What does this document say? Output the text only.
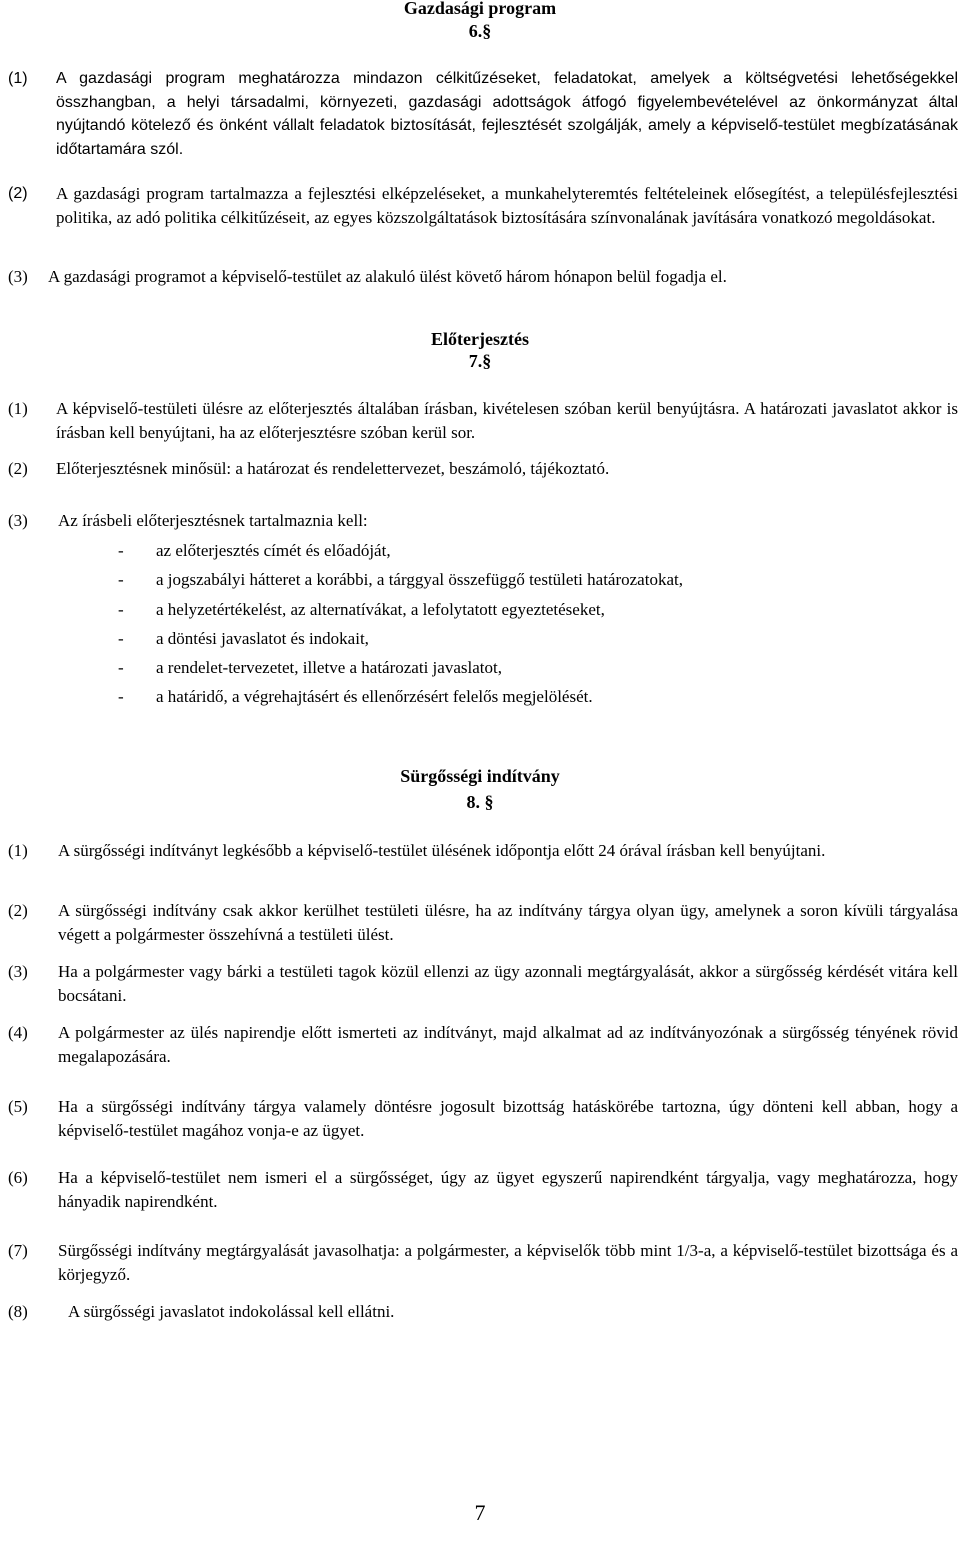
Gazdasági program
6.§
(1)	A gazdasági program meghatározza mindazon célkitűzéseket, feladatokat, amelyek a költségvetési lehetőségekkel összhangban, a helyi társadalmi, környezeti, gazdasági adottságok átfogó figyelembevételével az önkormányzat által nyújtandó kötelező és önként vállalt feladatok biztosítását, fejlesztését szolgálják, amely a képviselő-testület megbízatásának időtartamára szól.
(2)	A gazdasági program tartalmazza a fejlesztési elképzeléseket, a munkahelyteremtés feltételeinek elősegítést, a településfejlesztési politika, az adó politika célkitűzéseit, az egyes közszolgáltatások biztosítására színvonalának javítására vonatkozó megoldásokat.
(3)	A gazdasági programot a képviselő-testület az alakuló ülést követő három hónapon belül fogadja el.
Előterjesztés
7.§
(1)	A képviselő-testületi ülésre az előterjesztés általában írásban, kivételesen szóban kerül benyújtásra. A határozati javaslatot akkor is írásban kell benyújtani, ha az előterjesztésre szóban kerül sor.
(2)	Előterjesztésnek minősül: a határozat és rendelettervezet, beszámoló, tájékoztató.
(3)	Az írásbeli előterjesztésnek tartalmaznia kell:
- az előterjesztés címét és előadóját,
- a jogszabályi hátteret a korábbi, a tárggyal összefüggő testületi határozatokat,
- a helyzetértékelést, az alternatívákat, a lefolytatott egyeztetéseket,
- a döntési javaslatot és indokait,
- a rendelet-tervezetet, illetve a határozati javaslatot,
- a határidő, a végrehajtásért és ellenőrzésért felelős megjelölését.
Sürgősségi indítvány
8. §
(1)	A sürgősségi indítványt legkésőbb a képviselő-testület ülésének időpontja előtt 24 órával írásban kell benyújtani.
(2)	A sürgősségi indítvány csak akkor kerülhet testületi ülésre, ha az indítvány tárgya olyan ügy, amelynek a soron kívüli tárgyalása végett a polgármester összehívná a testületi ülést.
(3)	Ha a polgármester vagy bárki a testületi tagok közül ellenzi az ügy azonnali megtárgyalását, akkor a sürgősség kérdését vitára kell bocsátani.
(4)	A polgármester az ülés napirendje előtt ismerteti az indítványt, majd alkalmat ad az indítványozónak a sürgősség tényének rövid megalapozására.
(5)	Ha a sürgősségi indítvány tárgya valamely döntésre jogosult bizottság hatáskörébe tartozna, úgy dönteni kell abban, hogy a képviselő-testület magához vonja-e az ügyet.
(6)	Ha a képviselő-testület nem ismeri el a sürgősséget, úgy az ügyet egyszerű napirendként tárgyalja, vagy meghatározza, hogy hányadik napirendként.
(7)	Sürgősségi indítvány megtárgyalását javasolhatja: a polgármester, a képviselők több mint 1/3-a, a képviselő-testület bizottsága és a körjegyző.
(8)	A sürgősségi javaslatot indokolással kell ellátni.
7
